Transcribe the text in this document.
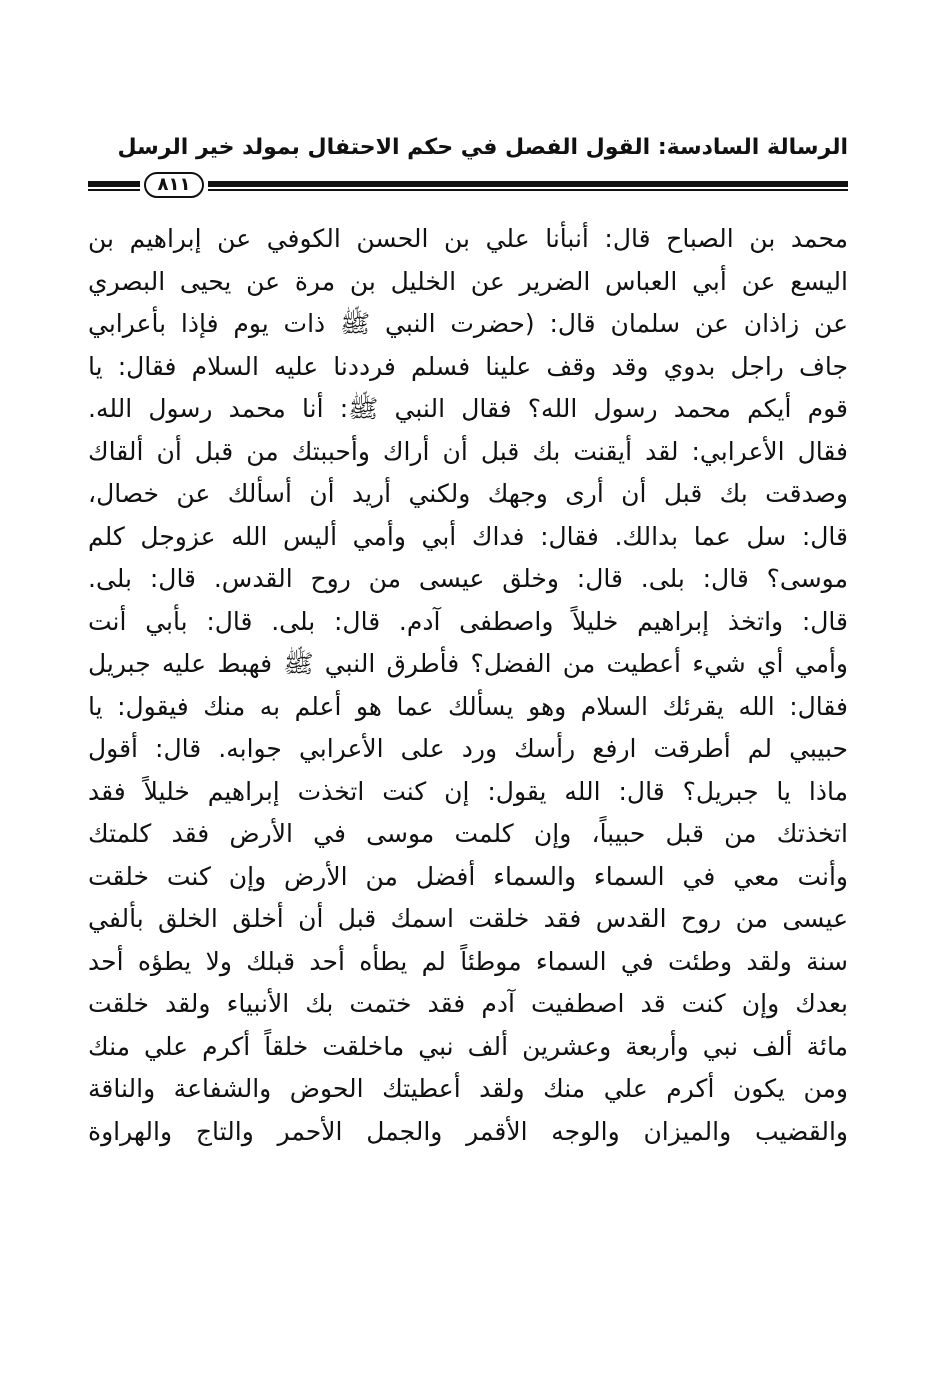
الرسالة السادسة: القول الفصل في حكم الاحتفال بمولد خير الرسل
٨١١
محمد بن الصباح قال: أنبأنا علي بن الحسن الكوفي عن إبراهيم بن
اليسع عن أبي العباس الضرير عن الخليل بن مرة عن يحيى البصري
عن زاذان عن سلمان قال: (حضرت النبي ﷺ ذات يوم فإذا بأعرابي
جاف راجل بدوي وقد وقف علينا فسلم فرددنا عليه السلام فقال: يا
قوم أيكم محمد رسول الله؟ فقال النبي ﷺ: أنا محمد رسول الله.
فقال الأعرابي: لقد أيقنت بك قبل أن أراك وأحببتك من قبل أن ألقاك
وصدقت بك قبل أن أرى وجهك ولكني أريد أن أسألك عن خصال،
قال: سل عما بدالك. فقال: فداك أبي وأمي أليس الله عزوجل كلم
موسى؟ قال: بلى. قال: وخلق عيسى من روح القدس. قال: بلى.
قال: واتخذ إبراهيم خليلاً واصطفى آدم. قال: بلى. قال: بأبي أنت
وأمي أي شيء أعطيت من الفضل؟ فأطرق النبي ﷺ فهبط عليه جبريل
فقال: الله يقرئك السلام وهو يسألك عما هو أعلم به منك فيقول: يا
حبيبي لم أطرقت ارفع رأسك ورد على الأعرابي جوابه. قال: أقول
ماذا يا جبريل؟ قال: الله يقول: إن كنت اتخذت إبراهيم خليلاً فقد
اتخذتك من قبل حبيباً، وإن كلمت موسى في الأرض فقد كلمتك
وأنت معي في السماء والسماء أفضل من الأرض وإن كنت خلقت
عيسى من روح القدس فقد خلقت اسمك قبل أن أخلق الخلق بألفي
سنة ولقد وطئت في السماء موطئاً لم يطأه أحد قبلك ولا يطؤه أحد
بعدك وإن كنت قد اصطفيت آدم فقد ختمت بك الأنبياء ولقد خلقت
مائة ألف نبي وأربعة وعشرين ألف نبي ماخلقت خلقاً أكرم علي منك
ومن يكون أكرم علي منك ولقد أعطيتك الحوض والشفاعة والناقة
والقضيب والميزان والوجه الأقمر والجمل الأحمر والتاج والهراوة
